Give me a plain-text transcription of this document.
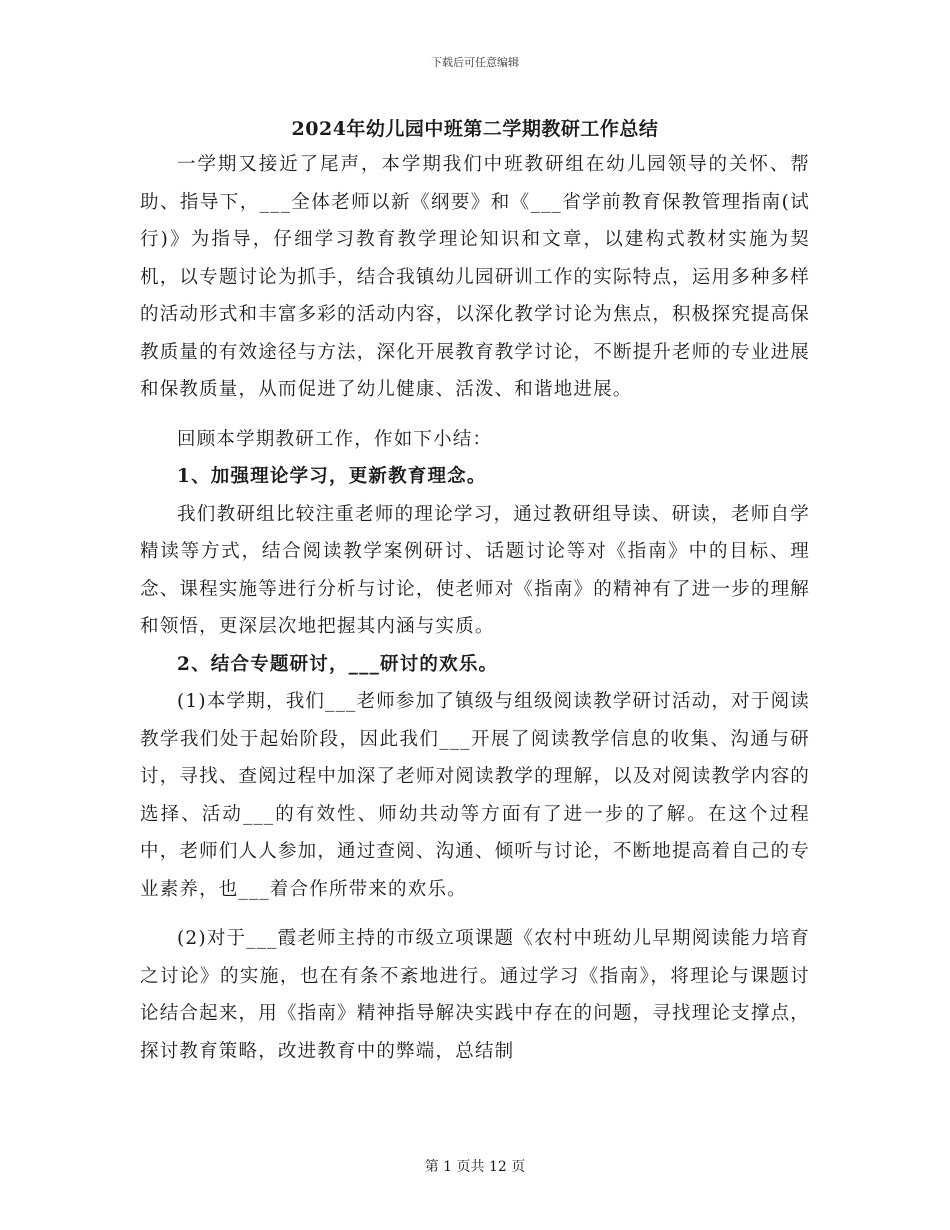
下载后可任意编辑
2024年幼儿园中班第二学期教研工作总结

一学期又接近了尾声，本学期我们中班教研组在幼儿园领导的关怀、帮助、指导下，___全体老师以新《纲要》和《___省学前教育保教管理指南(试行)》为指导，仔细学习教育教学理论知识和文章，以建构式教材实施为契机，以专题讨论为抓手，结合我镇幼儿园研训工作的实际特点，运用多种多样的活动形式和丰富多彩的活动内容，以深化教学讨论为焦点，积极探究提高保教质量的有效途径与方法，深化开展教育教学讨论，不断提升老师的专业进展和保教质量，从而促进了幼儿健康、活泼、和谐地进展。

回顾本学期教研工作，作如下小结：

1、加强理论学习，更新教育理念。

我们教研组比较注重老师的理论学习，通过教研组导读、研读，老师自学精读等方式，结合阅读教学案例研讨、话题讨论等对《指南》中的目标、理念、课程实施等进行分析与讨论，使老师对《指南》的精神有了进一步的理解和领悟，更深层次地把握其内涵与实质。

2、结合专题研讨，___研讨的欢乐。

(1)本学期，我们___老师参加了镇级与组级阅读教学研讨活动，对于阅读教学我们处于起始阶段，因此我们___开展了阅读教学信息的收集、沟通与研讨，寻找、查阅过程中加深了老师对阅读教学的理解，以及对阅读教学内容的选择、活动___的有效性、师幼共动等方面有了进一步的了解。在这个过程中，老师们人人参加，通过查阅、沟通、倾听与讨论，不断地提高着自己的专业素养，也___着合作所带来的欢乐。

(2)对于___霞老师主持的市级立项课题《农村中班幼儿早期阅读能力培育之讨论》的实施，也在有条不紊地进行。通过学习《指南》，将理论与课题讨论结合起来，用《指南》精神指导解决实践中存在的问题，寻找理论支撑点，探讨教育策略，改进教育中的弊端，总结制

第 1 页共 12 页
